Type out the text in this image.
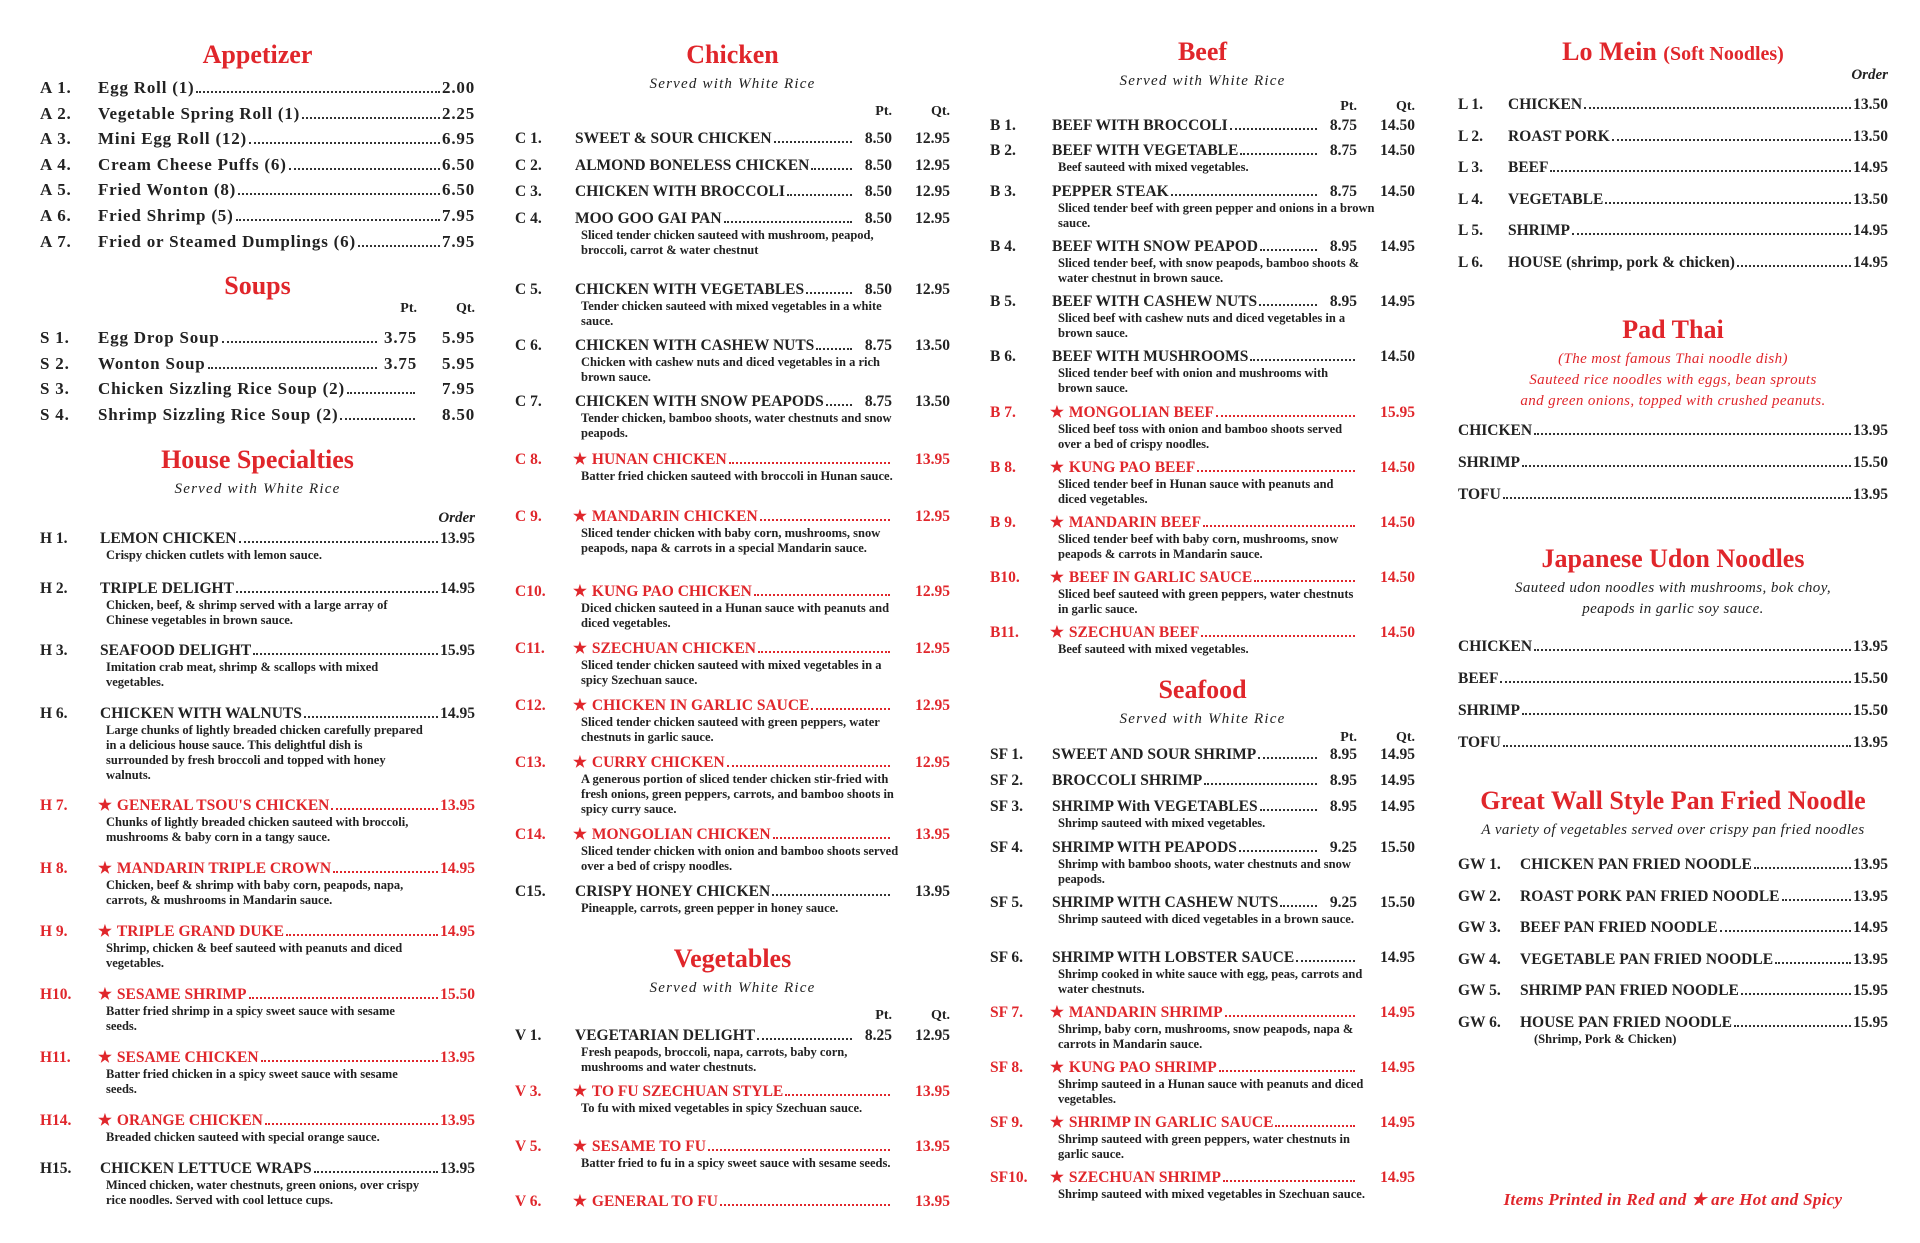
Appetizer
A 1.	Egg Roll (1)	2.00
A 2.	Vegetable Spring Roll (1)	2.25
A 3.	Mini Egg Roll (12)	6.95
A 4.	Cream Cheese Puffs (6)	6.50
A 5.	Fried Wonton (8)	6.50
A 6.	Fried Shrimp (5)	7.95
A 7.	Fried or Steamed Dumplings (6)	7.95
Soups
Pt.	Qt.
S 1.	Egg Drop Soup	3.75	5.95
S 2.	Wonton Soup	3.75	5.95
S 3.	Chicken Sizzling Rice Soup (2)	7.95
S 4.	Shrimp Sizzling Rice Soup (2)	8.50
House Specialties
Served with White Rice
Order
H 1.	LEMON CHICKEN	13.95
Crispy chicken cutlets with lemon sauce.
H 2.	TRIPLE DELIGHT	14.95
Chicken, beef, & shrimp served with a large array of Chinese vegetables in brown sauce.
H 3.	SEAFOOD DELIGHT	15.95
Imitation crab meat, shrimp & scallops with mixed vegetables.
H 6.	CHICKEN WITH WALNUTS	14.95
Large chunks of lightly breaded chicken carefully prepared in a delicious house sauce. This delightful dish is surrounded by fresh broccoli and topped with honey walnuts.
H 7.	★ GENERAL TSOU'S CHICKEN	13.95
Chunks of lightly breaded chicken sauteed with broccoli, mushrooms & baby corn in a tangy sauce.
H 8.	★ MANDARIN TRIPLE CROWN	14.95
Chicken, beef & shrimp with baby corn, peapods, napa, carrots, & mushrooms in Mandarin sauce.
H 9.	★ TRIPLE GRAND DUKE	14.95
Shrimp, chicken & beef sauteed with peanuts and diced vegetables.
H10.	★ SESAME SHRIMP	15.50
Batter fried shrimp in a spicy sweet sauce with sesame seeds.
H11.	★ SESAME CHICKEN	13.95
Batter fried chicken in a spicy sweet sauce with sesame seeds.
H14.	★ ORANGE CHICKEN	13.95
Breaded chicken sauteed with special orange sauce.
H15.	CHICKEN LETTUCE WRAPS	13.95
Minced chicken, water chestnuts, green onions, over crispy rice noodles. Served with cool lettuce cups.
Chicken
Served with White Rice
Pt.	Qt.
C 1.	SWEET & SOUR CHICKEN	8.50	12.95
C 2.	ALMOND BONELESS CHICKEN	8.50	12.95
C 3.	CHICKEN WITH BROCCOLI	8.50	12.95
C 4.	MOO GOO GAI PAN	8.50	12.95
Sliced tender chicken sauteed with mushroom, peapod, broccoli, carrot & water chestnut
C 5.	CHICKEN WITH VEGETABLES	8.50	12.95
Tender chicken sauteed with mixed vegetables in a white sauce.
C 6.	CHICKEN WITH CASHEW NUTS	8.75	13.50
Chicken with cashew nuts and diced vegetables in a rich brown sauce.
C 7.	CHICKEN WITH SNOW PEAPODS	8.75	13.50
Tender chicken, bamboo shoots, water chestnuts and snow peapods.
C 8.	★ HUNAN CHICKEN	13.95
Batter fried chicken sauteed with broccoli in Hunan sauce.
C 9.	★ MANDARIN CHICKEN	12.95
Sliced tender chicken with baby corn, mushrooms, snow peapods, napa & carrots in a special Mandarin sauce.
C10.	★ KUNG PAO CHICKEN	12.95
Diced chicken sauteed in a Hunan sauce with peanuts and diced vegetables.
C11.	★ SZECHUAN CHICKEN	12.95
Sliced tender chicken sauteed with mixed vegetables in a spicy Szechuan sauce.
C12.	★ CHICKEN IN GARLIC SAUCE	12.95
Sliced tender chicken sauteed with green peppers, water chestnuts in garlic sauce.
C13.	★ CURRY CHICKEN	12.95
A generous portion of sliced tender chicken stir-fried with fresh onions, green peppers, carrots, and bamboo shoots in spicy curry sauce.
C14.	★ MONGOLIAN CHICKEN	13.95
Sliced tender chicken with onion and bamboo shoots served over a bed of crispy noodles.
C15.	CRISPY HONEY CHICKEN	13.95
Pineapple, carrots, green pepper in honey sauce.
Vegetables
Served with White Rice
Pt.	Qt.
V 1.	VEGETARIAN DELIGHT	8.25	12.95
Fresh peapods, broccoli, napa, carrots, baby corn, mushrooms and water chestnuts.
V 3.	★ TO FU SZECHUAN STYLE	13.95
To fu with mixed vegetables in spicy Szechuan sauce.
V 5.	★ SESAME TO FU	13.95
Batter fried to fu in a spicy sweet sauce with sesame seeds.
V 6.	★ GENERAL TO FU	13.95
Beef
Served with White Rice
Pt.	Qt.
B 1.	BEEF WITH BROCCOLI	8.75	14.50
B 2.	BEEF WITH VEGETABLE	8.75	14.50
Beef sauteed with mixed vegetables.
B 3.	PEPPER STEAK	8.75	14.50
Sliced tender beef with green pepper and onions in a brown sauce.
B 4.	BEEF WITH SNOW PEAPOD	8.95	14.95
Sliced tender beef, with snow peapods, bamboo shoots & water chestnut in brown sauce.
B 5.	BEEF WITH CASHEW NUTS	8.95	14.95
Sliced beef with cashew nuts and diced vegetables in a brown sauce.
B 6.	BEEF WITH MUSHROOMS	14.50
Sliced tender beef with onion and mushrooms with brown sauce.
B 7.	★ MONGOLIAN BEEF	15.95
Sliced beef toss with onion and bamboo shoots served over a bed of crispy noodles.
B 8.	★ KUNG PAO BEEF	14.50
Sliced tender beef in Hunan sauce with peanuts and diced vegetables.
B 9.	★ MANDARIN BEEF	14.50
Sliced tender beef with baby corn, mushrooms, snow peapods & carrots in Mandarin sauce.
B10.	★ BEEF IN GARLIC SAUCE	14.50
Sliced beef sauteed with green peppers, water chestnuts in garlic sauce.
B11.	★ SZECHUAN BEEF	14.50
Beef sauteed with mixed vegetables.
Seafood
Served with White Rice
Pt.	Qt.
SF 1.	SWEET AND SOUR SHRIMP	8.95	14.95
SF 2.	BROCCOLI SHRIMP	8.95	14.95
SF 3.	SHRIMP With VEGETABLES	8.95	14.95
Shrimp sauteed with mixed vegetables.
SF 4.	SHRIMP WITH PEAPODS	9.25	15.50
Shrimp with bamboo shoots, water chestnuts and snow peapods.
SF 5.	SHRIMP WITH CASHEW NUTS	9.25	15.50
Shrimp sauteed with diced vegetables in a brown sauce.
SF 6.	SHRIMP WITH LOBSTER SAUCE	14.95
Shrimp cooked in white sauce with egg, peas, carrots and water chestnuts.
SF 7.	★ MANDARIN SHRIMP	14.95
Shrimp, baby corn, mushrooms, snow peapods, napa & carrots in Mandarin sauce.
SF 8.	★ KUNG PAO SHRIMP	14.95
Shrimp sauteed in a Hunan sauce with peanuts and diced vegetables.
SF 9.	★ SHRIMP IN GARLIC SAUCE	14.95
Shrimp sauteed with green peppers, water chestnuts in garlic sauce.
SF10.	★ SZECHUAN SHRIMP	14.95
Shrimp sauteed with mixed vegetables in Szechuan sauce.	Items Printed in Red and ★ are Hot and Spicy
Lo Mein (Soft Noodles)
Order
L 1.	CHICKEN	13.50
L 2.	ROAST PORK	13.50
L 3.	BEEF	14.95
L 4.	VEGETABLE	13.50
L 5.	SHRIMP	14.95
L 6.	HOUSE (shrimp, pork & chicken)	14.95
Pad Thai
(The most famous Thai noodle dish)
Sauteed rice noodles with eggs, bean sprouts
and green onions, topped with crushed peanuts.
CHICKEN	13.95
SHRIMP	15.50
TOFU	13.95
Japanese Udon Noodles
Sauteed udon noodles with mushrooms, bok choy,
peapods in garlic soy sauce.
CHICKEN	13.95
BEEF	15.50
SHRIMP	15.50
TOFU	13.95
Great Wall Style Pan Fried Noodle
A variety of vegetables served over crispy pan fried noodles
GW 1.	CHICKEN PAN FRIED NOODLE	13.95
GW 2.	ROAST PORK PAN FRIED NOODLE	13.95
GW 3.	BEEF PAN FRIED NOODLE	14.95
GW 4.	VEGETABLE PAN FRIED NOODLE	13.95
GW 5.	SHRIMP PAN FRIED NOODLE	15.95
GW 6.	HOUSE PAN FRIED NOODLE	15.95
(Shrimp, Pork & Chicken)
